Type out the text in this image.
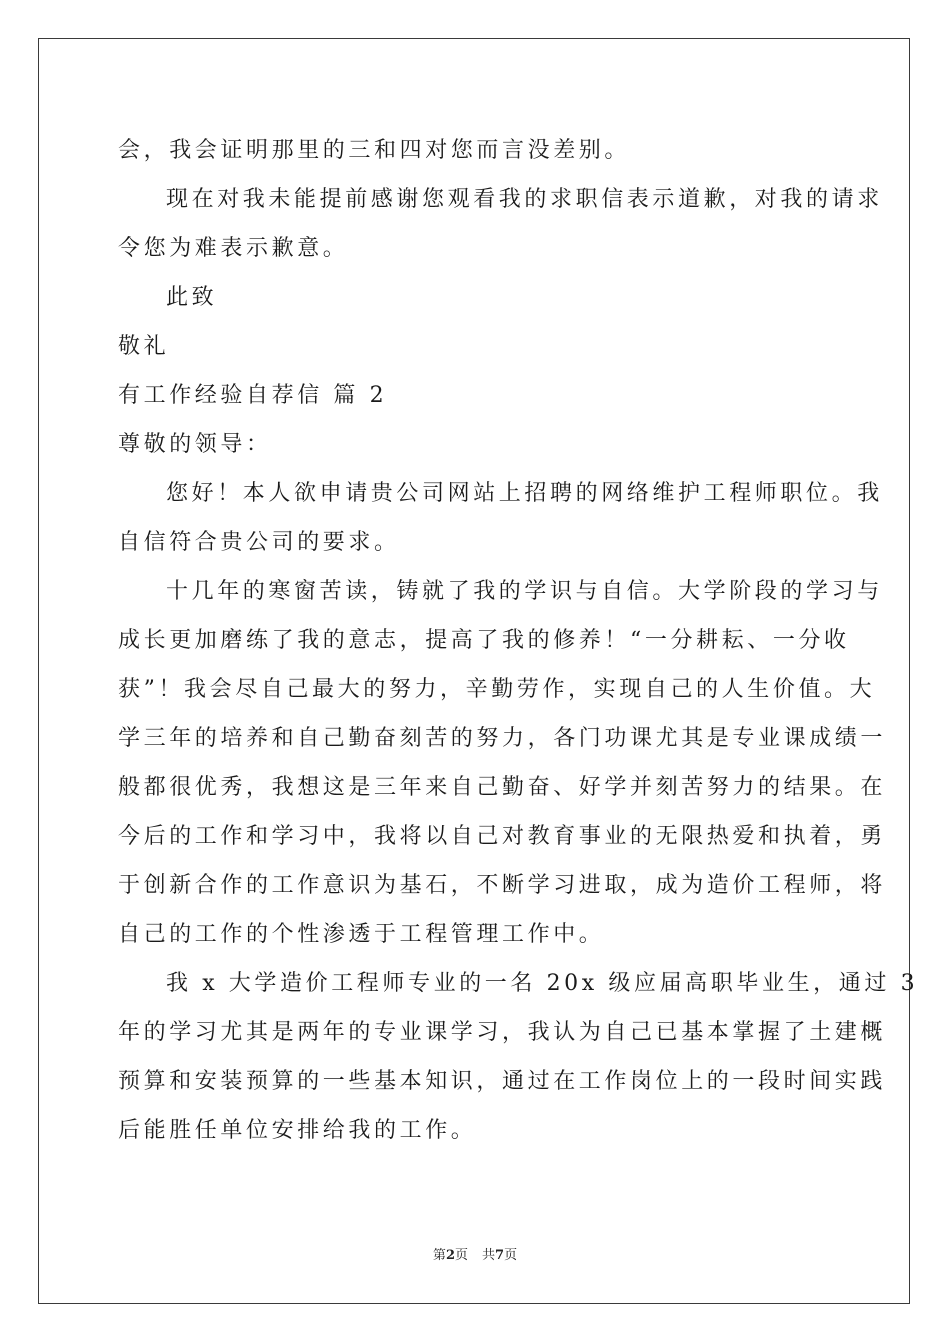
会，我会证明那里的三和四对您而言没差别。
现在对我未能提前感谢您观看我的求职信表示道歉，对我的请求
令您为难表示歉意。
此致
敬礼
有工作经验自荐信 篇 2
尊敬的领导：
您好！本人欲申请贵公司网站上招聘的网络维护工程师职位。我
自信符合贵公司的要求。
十几年的寒窗苦读，铸就了我的学识与自信。大学阶段的学习与
成长更加磨练了我的意志，提高了我的修养！“一分耕耘、一分收
获”！我会尽自己最大的努力，辛勤劳作，实现自己的人生价值。大
学三年的培养和自己勤奋刻苦的努力，各门功课尤其是专业课成绩一
般都很优秀，我想这是三年来自己勤奋、好学并刻苦努力的结果。在
今后的工作和学习中，我将以自己对教育事业的无限热爱和执着，勇
于创新合作的工作意识为基石，不断学习进取，成为造价工程师，将
自己的工作的个性渗透于工程管理工作中。
我 x 大学造价工程师专业的一名 20x 级应届高职毕业生，通过 3
年的学习尤其是两年的专业课学习，我认为自己已基本掌握了土建概
预算和安装预算的一些基本知识，通过在工作岗位上的一段时间实践
后能胜任单位安排给我的工作。
第2页 共7页
